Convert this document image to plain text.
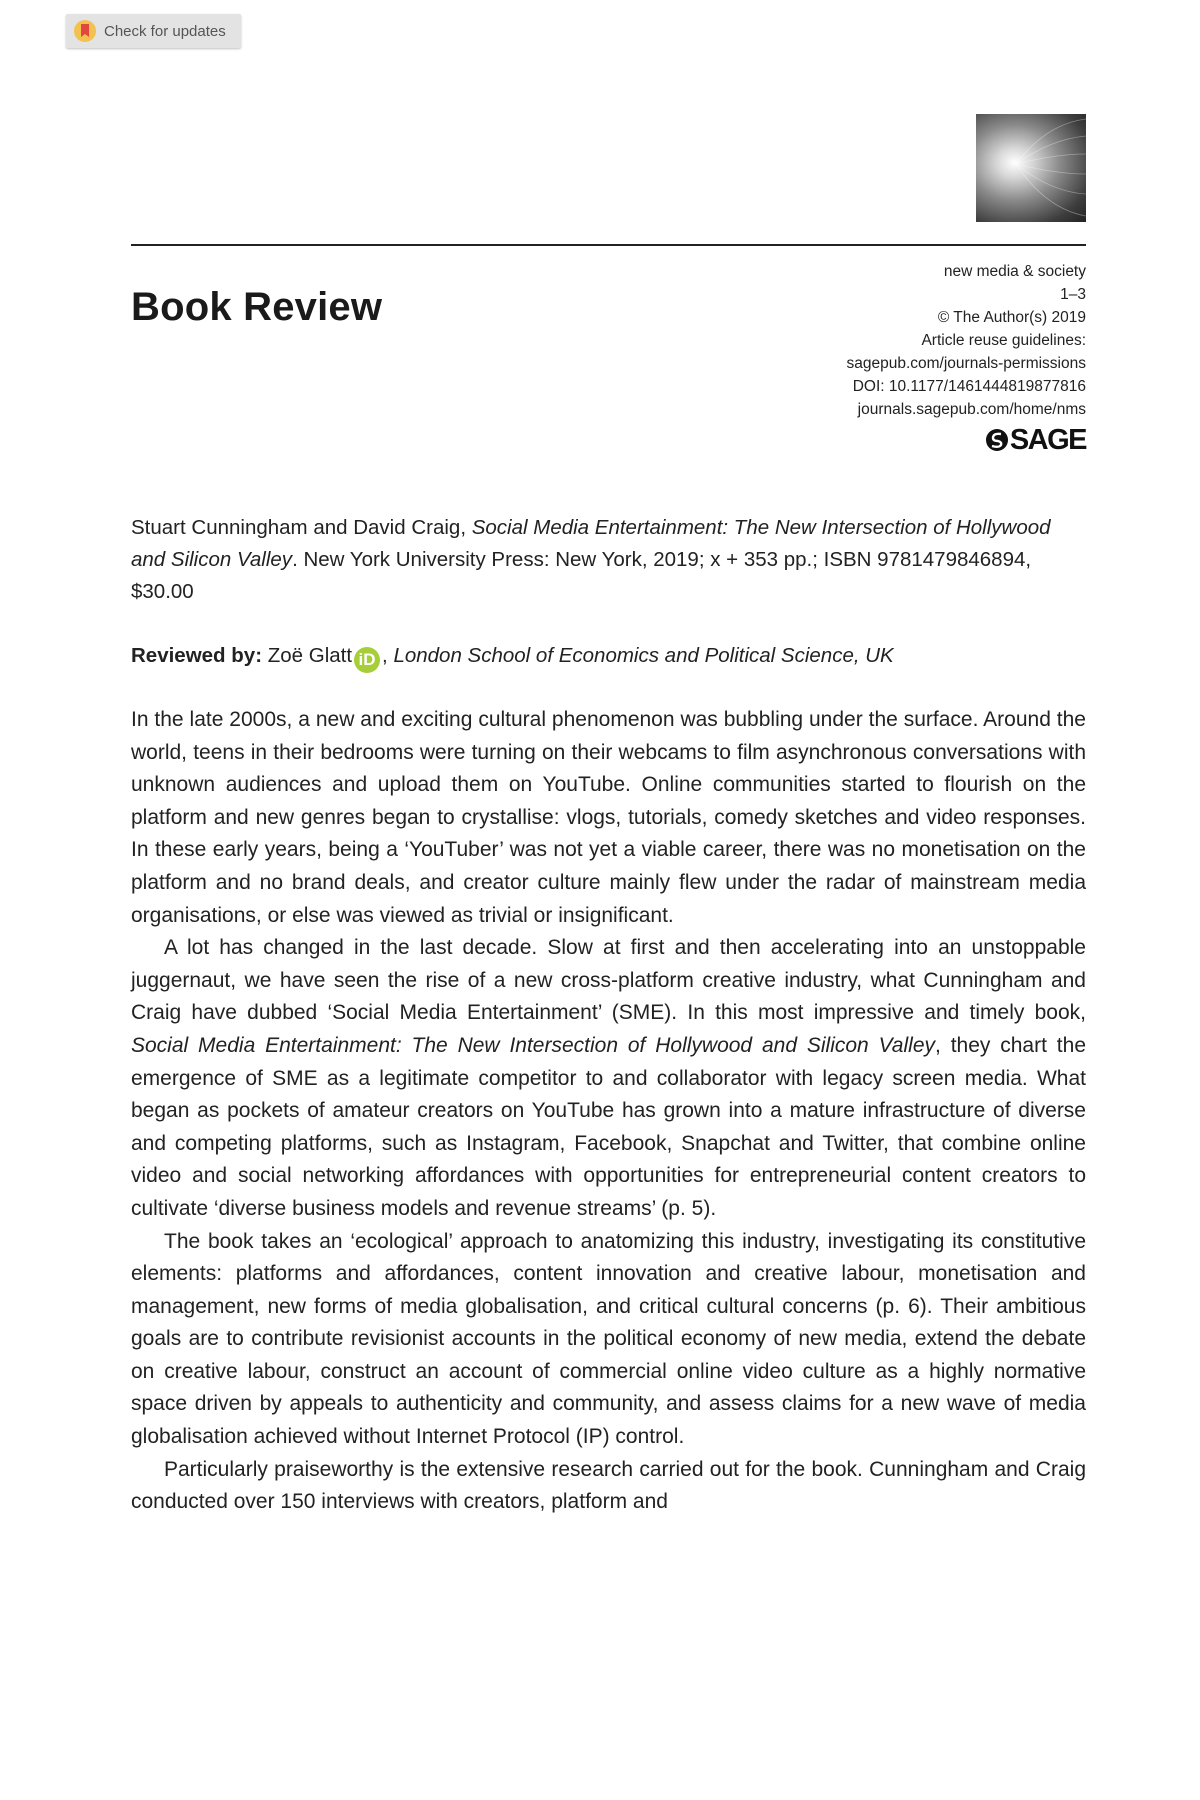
Check for updates
Book Review
new media & society
1–3
© The Author(s) 2019
Article reuse guidelines:
sagepub.com/journals-permissions
DOI: 10.1177/1461444819877816
journals.sagepub.com/home/nms
SAGE
Stuart Cunningham and David Craig, Social Media Entertainment: The New Intersection of Hollywood and Silicon Valley. New York University Press: New York, 2019; x + 353 pp.; ISBN 9781479846894, $30.00
Reviewed by: Zoë Glatt iD , London School of Economics and Political Science, UK

In the late 2000s, a new and exciting cultural phenomenon was bubbling under the surface. Around the world, teens in their bedrooms were turning on their webcams to film asynchronous conversations with unknown audiences and upload them on YouTube. Online communities started to flourish on the platform and new genres began to crystallise: vlogs, tutorials, comedy sketches and video responses. In these early years, being a ‘YouTuber’ was not yet a viable career, there was no monetisation on the platform and no brand deals, and creator culture mainly flew under the radar of mainstream media organisations, or else was viewed as trivial or insignificant.

A lot has changed in the last decade. Slow at first and then accelerating into an unstoppable juggernaut, we have seen the rise of a new cross-platform creative industry, what Cunningham and Craig have dubbed ‘Social Media Entertainment’ (SME). In this most impressive and timely book, Social Media Entertainment: The New Intersection of Hollywood and Silicon Valley, they chart the emergence of SME as a legitimate competitor to and collaborator with legacy screen media. What began as pockets of amateur creators on YouTube has grown into a mature infrastructure of diverse and competing platforms, such as Instagram, Facebook, Snapchat and Twitter, that combine online video and social networking affordances with opportunities for entrepreneurial content creators to cultivate ‘diverse business models and revenue streams’ (p. 5).

The book takes an ‘ecological’ approach to anatomizing this industry, investigating its constitutive elements: platforms and affordances, content innovation and creative labour, monetisation and management, new forms of media globalisation, and critical cultural concerns (p. 6). Their ambitious goals are to contribute revisionist accounts in the political economy of new media, extend the debate on creative labour, construct an account of commercial online video culture as a highly normative space driven by appeals to authenticity and community, and assess claims for a new wave of media globalisation achieved without Internet Protocol (IP) control.

Particularly praiseworthy is the extensive research carried out for the book. Cunningham and Craig conducted over 150 interviews with creators, platform and
